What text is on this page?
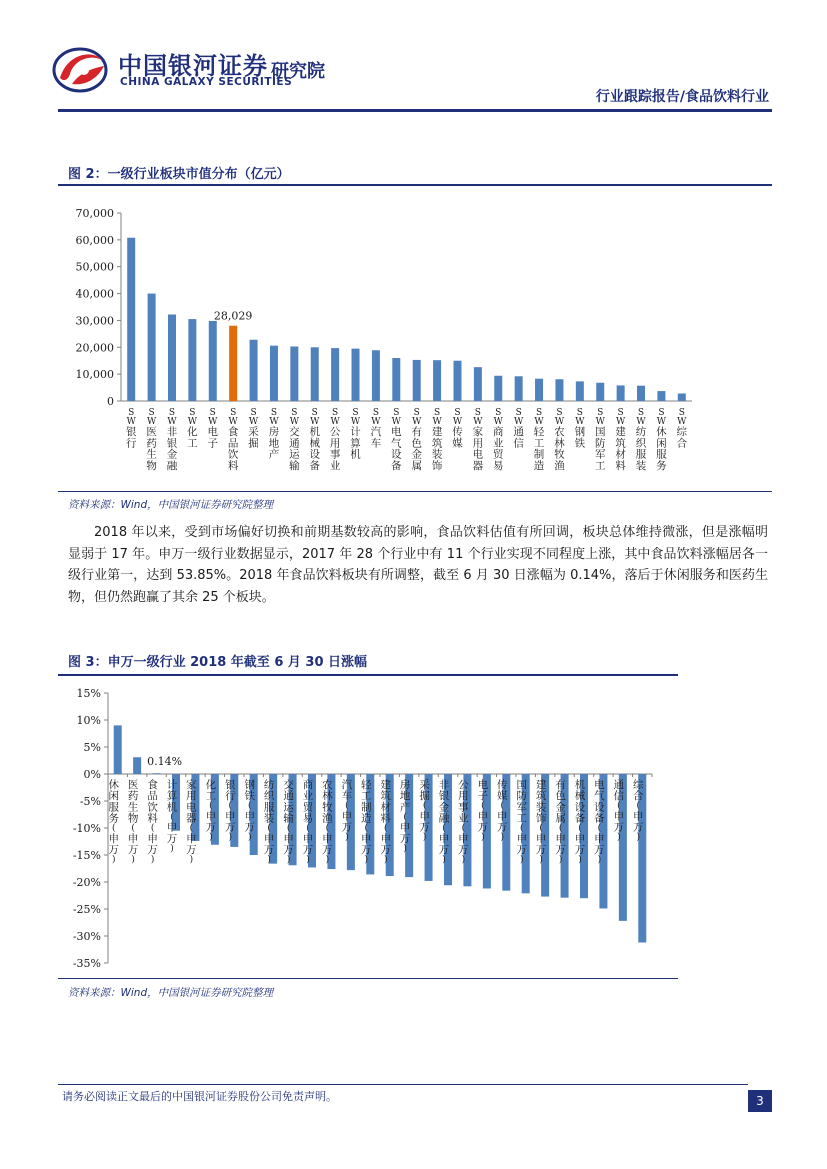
中国银河证券
CHINA GALAXY SECURITIES
研究院
行业跟踪报告/食品饮料行业
图 2：一级行业板块市值分布（亿元）
0
10,000
20,000
30,000
40,000
50,000
60,000
70,000
S W 银行
S W 医药生物
S W 非银金融
S W 化工
S W 电子
S W 食品饮料
S W 采掘
S W 房地产
S W 交通运输
S W 机械设备
S W 公用事业
S W 计算机
S W 汽车
S W 电气设备
S W 有色金属
S W 建筑装饰
S W 传媒
S W 家用电器
S W 商业贸易
S W 通信
S W 轻工制造
S W 农林牧渔
S W 钢铁
S W 国防军工
S W 建筑材料
S W 纺织服装
S W 休闲服务
S W 综合
28,029
资料来源：Wind，中国银河证券研究院整理

2018 年以来，受到市场偏好切换和前期基数较高的影响，食品饮料估值有所回调，板块总体维持微涨，但是涨幅明显弱于 17 年。申万一级行业数据显示，2017 年 28 个行业中有 11 个行业实现不同程度上涨，其中食品饮料涨幅居各一级行业第一，达到 53.85%。2018 年食品饮料板块有所调整，截至 6 月 30 日涨幅为 0.14%，落后于休闲服务和医药生物，但仍然跑赢了其余 25 个板块。

图 3：申万一级行业 2018 年截至 6 月 30 日涨幅
15%
10%
5%
0%
-5%
-10%
-15%
-20%
-25%
-30%
-35%
休闲服务(申万)
医药生物(申万)
食品饮料(申万)
计算机(申万)
家用电器(申万)
化工(申万)
银行(申万)
钢铁(申万)
纺织服装(申万)
交通运输(申万)
商业贸易(申万)
农林牧渔(申万)
汽车(申万)
轻工制造(申万)
建筑材料(申万)
房地产(申万)
采掘(申万)
非银金融(申万)
公用事业(申万)
电子(申万)
传媒(申万)
国防军工(申万)
建筑装饰(申万)
有色金属(申万)
机械设备(申万)
电气设备(申万)
通信(申万)
综合(申万)
0.14%
资料来源：Wind，中国银河证券研究院整理
请务必阅读正文最后的中国银河证券股份公司免责声明。	3
